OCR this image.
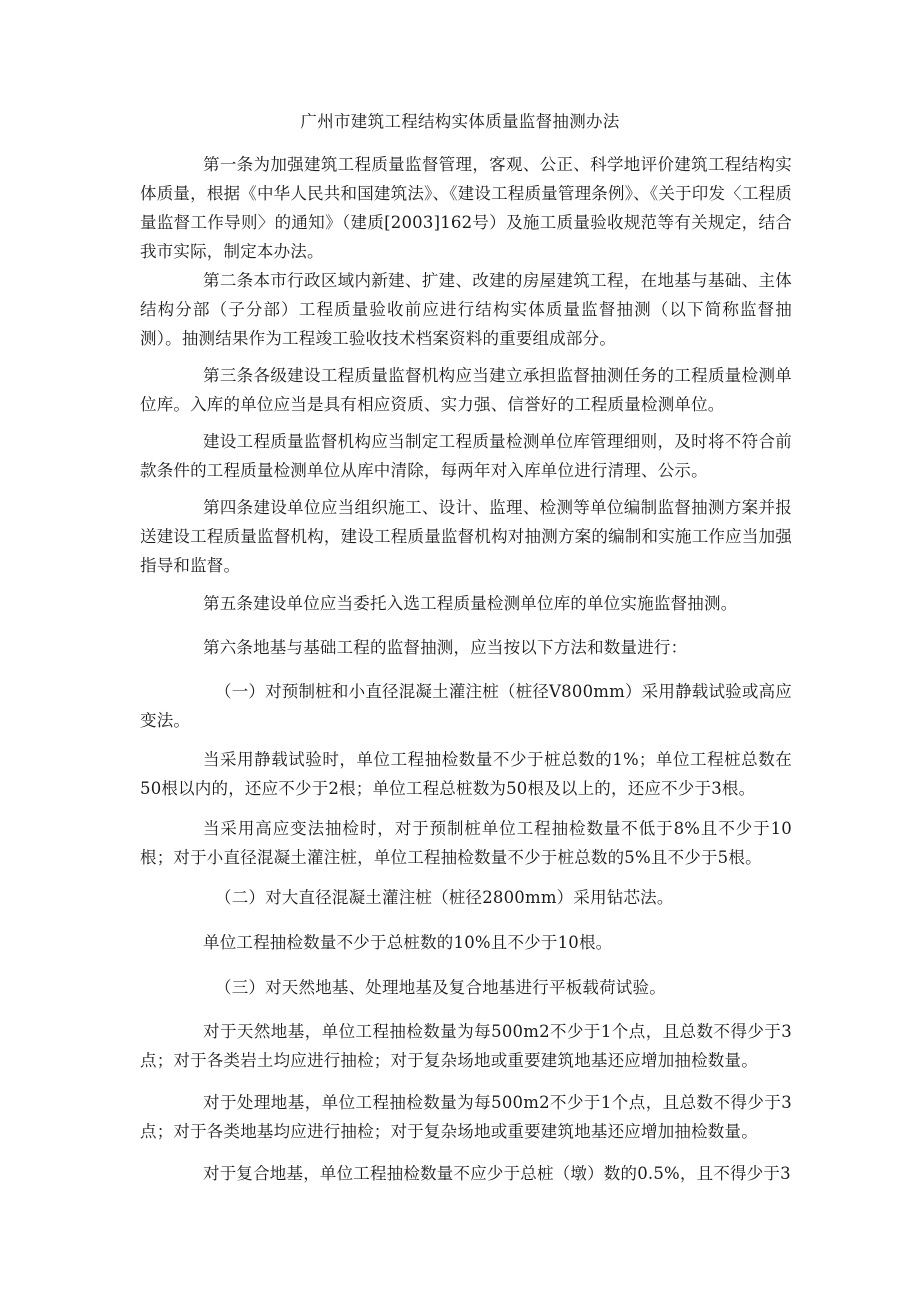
广州市建筑工程结构实体质量监督抽测办法

第一条为加强建筑工程质量监督管理，客观、公正、科学地评价建筑工程结构实体质量，根据《中华人民共和国建筑法》、《建设工程质量管理条例》、《关于印发〈工程质量监督工作导则〉的通知》（建质[2003]162号）及施工质量验收规范等有关规定，结合我市实际，制定本办法。

第二条本市行政区域内新建、扩建、改建的房屋建筑工程，在地基与基础、主体结构分部（子分部）工程质量验收前应进行结构实体质量监督抽测（以下简称监督抽测）。抽测结果作为工程竣工验收技术档案资料的重要组成部分。

第三条各级建设工程质量监督机构应当建立承担监督抽测任务的工程质量检测单位库。入库的单位应当是具有相应资质、实力强、信誉好的工程质量检测单位。

建设工程质量监督机构应当制定工程质量检测单位库管理细则，及时将不符合前款条件的工程质量检测单位从库中清除，每两年对入库单位进行清理、公示。

第四条建设单位应当组织施工、设计、监理、检测等单位编制监督抽测方案并报送建设工程质量监督机构，建设工程质量监督机构对抽测方案的编制和实施工作应当加强指导和监督。

第五条建设单位应当委托入选工程质量检测单位库的单位实施监督抽测。

第六条地基与基础工程的监督抽测，应当按以下方法和数量进行：

（一）对预制桩和小直径混凝土灌注桩（桩径V800mm）采用静载试验或高应变法。

当采用静载试验时，单位工程抽检数量不少于桩总数的1%；单位工程桩总数在50根以内的，还应不少于2根；单位工程总桩数为50根及以上的，还应不少于3根。

当采用高应变法抽检时，对于预制桩单位工程抽检数量不低于8%且不少于10根；对于小直径混凝土灌注桩，单位工程抽检数量不少于桩总数的5%且不少于5根。

（二）对大直径混凝土灌注桩（桩径2800mm）采用钻芯法。

单位工程抽检数量不少于总桩数的10%且不少于10根。

（三）对天然地基、处理地基及复合地基进行平板载荷试验。

对于天然地基，单位工程抽检数量为每500m2不少于1个点，且总数不得少于3点；对于各类岩土均应进行抽检；对于复杂场地或重要建筑地基还应增加抽检数量。

对于处理地基，单位工程抽检数量为每500m2不少于1个点，且总数不得少于3点；对于各类地基均应进行抽检；对于复杂场地或重要建筑地基还应增加抽检数量。

对于复合地基，单位工程抽检数量不应少于总桩（墩）数的0.5%，且不得少于3
